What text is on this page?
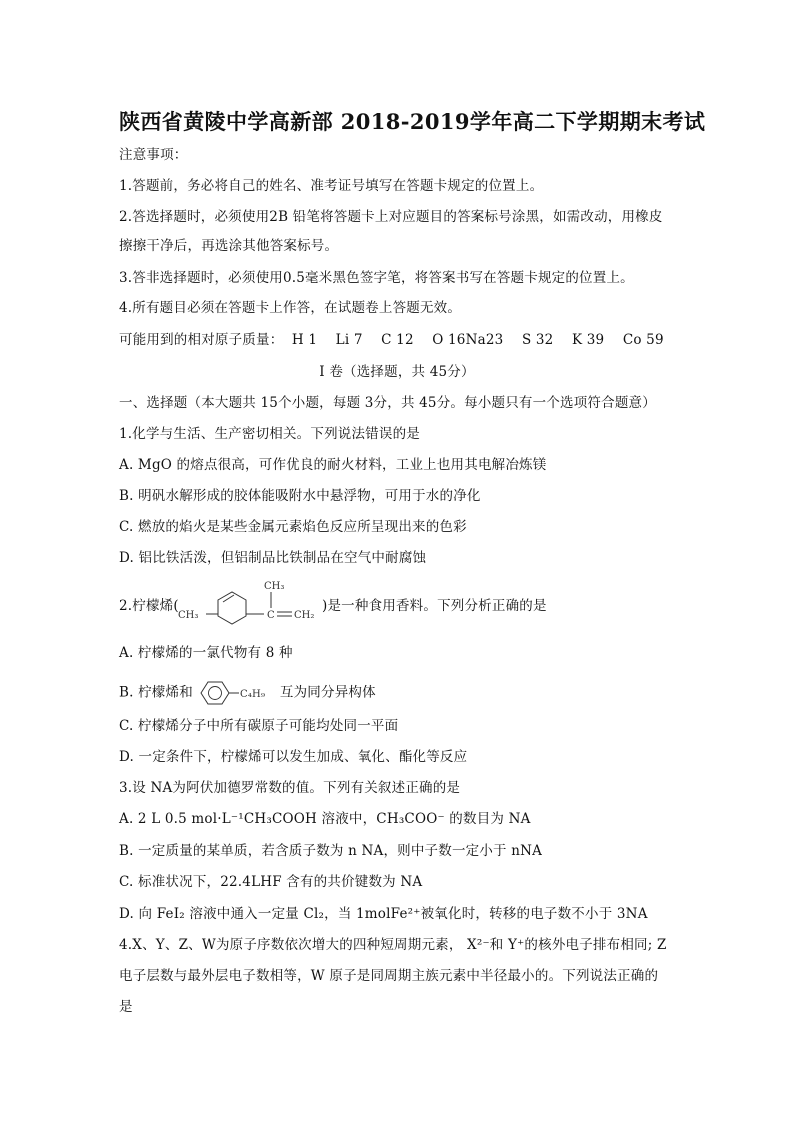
陕西省黄陵中学高新部 2018-2019学年高二下学期期末考试
注意事项：
1.答题前，务必将自己的姓名、准考证号填写在答题卡规定的位置上。
2.答选择题时，必须使用2B 铅笔将答题卡上对应题目的答案标号涂黑，如需改动，用橡皮
擦擦干净后，再选涂其他答案标号。
3.答非选择题时，必须使用0.5毫米黑色签字笔，将答案书写在答题卡规定的位置上。
4.所有题目必须在答题卡上作答，在试题卷上答题无效。
可能用到的相对原子质量： H 1 Li 7 C 12 O 16Na23 S 32 K 39 Co 59
I 卷（选择题，共 45分）
一、选择题（本大题共 15个小题，每题 3分，共 45分。每小题只有一个选项符合题意）
1.化学与生活、生产密切相关。下列说法错误的是
A. MgO 的熔点很高，可作优良的耐火材料，工业上也用其电解冶炼镁
B. 明矾水解形成的胶体能吸附水中悬浮物，可用于水的净化
C. 燃放的焰火是某些金属元素焰色反应所呈现出来的色彩
D. 铝比铁活泼，但铝制品比铁制品在空气中耐腐蚀
2.柠檬烯(
CH₃	C
CH₃
CH₂
)是一种食用香料。下列分析正确的是
A. 柠檬烯的一氯代物有 8 种
B. 柠檬烯和	C₄H₉ 互为同分异构体
C. 柠檬烯分子中所有碳原子可能均处同一平面
D. 一定条件下，柠檬烯可以发生加成、氧化、酯化等反应
3.设 NA为阿伏加德罗常数的值。下列有关叙述正确的是
A. 2 L 0.5 mol·L⁻¹CH₃COOH 溶液中，CH₃COO⁻ 的数目为 NA
B. 一定质量的某单质，若含质子数为 n NA，则中子数一定小于 nNA
C. 标准状况下，22.4LHF 含有的共价键数为 NA
D. 向 FeI₂ 溶液中通入一定量 Cl₂，当 1molFe²⁺被氧化时，转移的电子数不小于 3NA
4.X、Y、Z、W为原子序数依次增大的四种短周期元素， X²⁻和 Y⁺的核外电子排布相同; Z
电子层数与最外层电子数相等，W 原子是同周期主族元素中半径最小的。下列说法正确的
是
